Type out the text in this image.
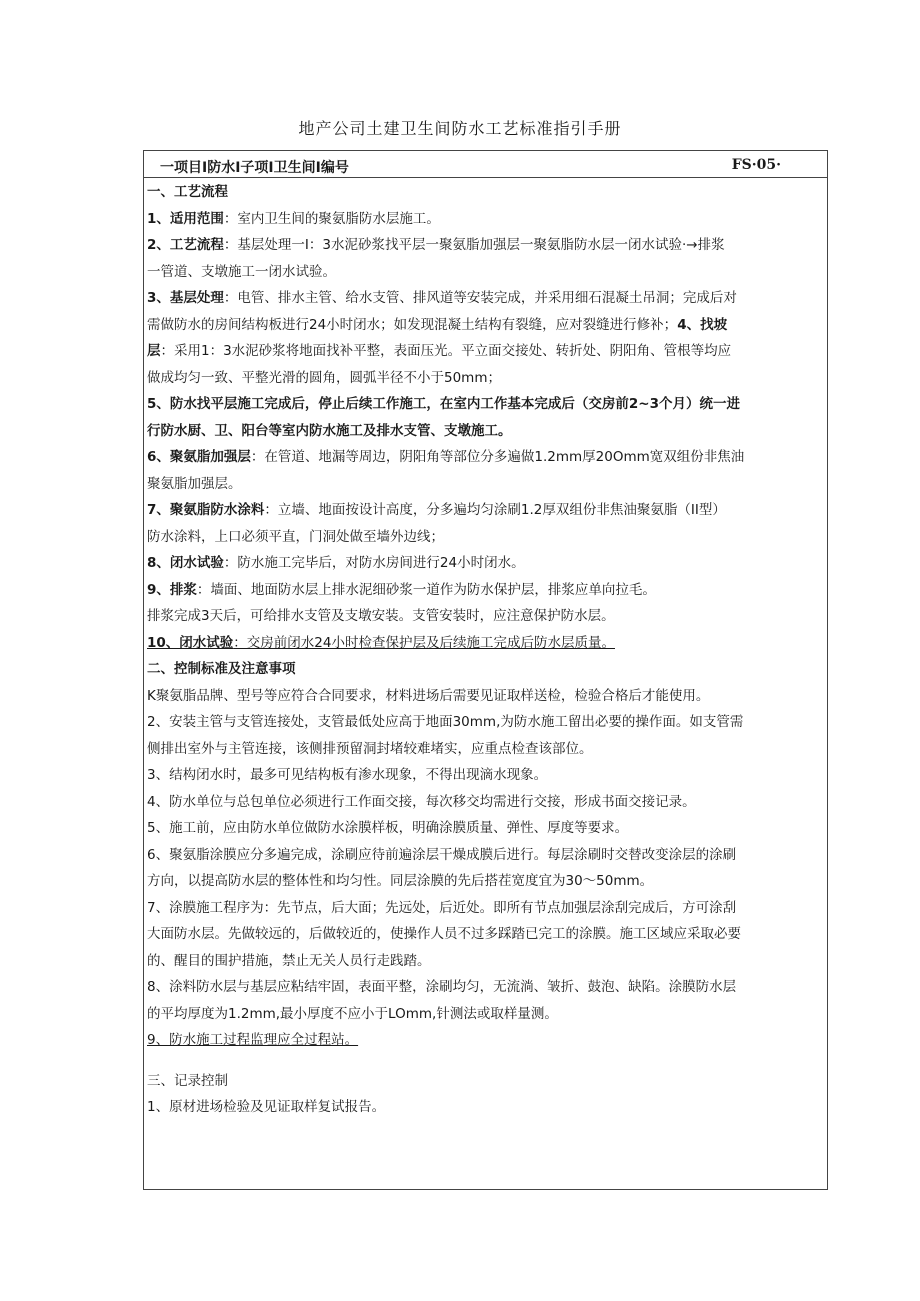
地产公司土建卫生间防水工艺标准指引手册
一项目I防水I子项I卫生间I编号	FS·05·
一、工艺流程
1、适用范围：室内卫生间的聚氨脂防水层施工。
2、工艺流程：基层处理一I：3水泥砂浆找平层一聚氨脂加强层一聚氨脂防水层一闭水试验·→排浆
一管道、支墩施工一闭水试验。
3、基层处理：电管、排水主管、给水支管、排风道等安装完成，并采用细石混凝土吊洞；完成后对
需做防水的房间结构板进行24小时闭水；如发现混凝土结构有裂缝，应对裂缝进行修补；4、找坡
层：采用1：3水泥砂浆将地面找补平整，表面压光。平立面交接处、转折处、阴阳角、管根等均应
做成均匀一致、平整光滑的圆角，圆弧半径不小于50mm；
5、防水找平层施工完成后，停止后续工作施工，在室内工作基本完成后（交房前2~3个月）统一进
行防水厨、卫、阳台等室内防水施工及排水支管、支墩施工。
6、聚氨脂加强层：在管道、地漏等周边，阴阳角等部位分多遍做1.2mm厚20Omm宽双组份非焦油
聚氨脂加强层。
7、聚氨脂防水涂料：立墙、地面按设计高度，分多遍均匀涂刷1.2厚双组份非焦油聚氨脂（II型）
防水涂料，上口必须平直，门洞处做至墙外边线；
8、闭水试验：防水施工完毕后，对防水房间进行24小时闭水。
9、排浆：墙面、地面防水层上排水泥细砂浆一道作为防水保护层，排浆应单向拉毛。
排浆完成3天后，可给排水支管及支墩安装。支管安装时，应注意保护防水层。
10、闭水试验：交房前闭水24小时检查保护层及后续施工完成后防水层质量。
二、控制标准及注意事项
K聚氨脂品牌、型号等应符合合同要求，材料进场后需要见证取样送检，检验合格后才能使用。
2、安装主管与支管连接处，支管最低处应高于地面30mm,为防水施工留出必要的操作面。如支管需
侧排出室外与主管连接，该侧排预留洞封堵较难堵实，应重点检查该部位。
3、结构闭水时，最多可见结构板有渗水现象，不得出现滴水现象。
4、防水单位与总包单位必须进行工作面交接，每次移交均需进行交接，形成书面交接记录。
5、施工前，应由防水单位做防水涂膜样板，明确涂膜质量、弹性、厚度等要求。
6、聚氨脂涂膜应分多遍完成，涂刷应待前遍涂层干燥成膜后进行。每层涂刷时交替改变涂层的涂刷
方向，以提高防水层的整体性和均匀性。同层涂膜的先后搭茬宽度宜为30～50mm。
7、涂膜施工程序为：先节点，后大面；先远处，后近处。即所有节点加强层涂刮完成后，方可涂刮
大面防水层。先做较远的，后做较近的，使操作人员不过多踩踏已完工的涂膜。施工区域应采取必要
的、醒目的围护措施，禁止无关人员行走践踏。
8、涂料防水层与基层应粘结牢固，表面平整，涂刷均匀，无流淌、皱折、鼓泡、缺陷。涂膜防水层
的平均厚度为1.2mm,最小厚度不应小于LOmm,针测法或取样量测。
9、防水施工过程监理应全过程站。
三、记录控制
1、原材进场检验及见证取样复试报告。
